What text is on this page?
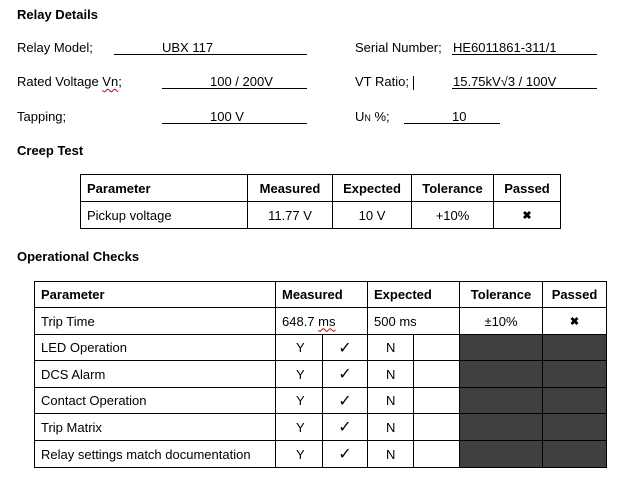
Relay Details
Relay Model;	UBX 117	Serial Number; HE6011861-311/1
Rated Voltage Vn;	100 / 200V	VT Ratio;	15.75kV√3 / 100V
Tapping;	100 V	UN %;	10
Creep Test
Parameter	Measured	Expected	Tolerance	Passed
Pickup voltage	11.77 V	10 V	+10%	✖
Operational Checks
Parameter	Measured		Expected		Tolerance	Passed
Trip Time	648.7 ms		500 ms		±10%	✖
LED Operation	Y	✓	N			
DCS Alarm	Y	✓	N			
Contact Operation	Y	✓	N			
Trip Matrix	Y	✓	N			
Relay settings match documentation	Y	✓	N			
